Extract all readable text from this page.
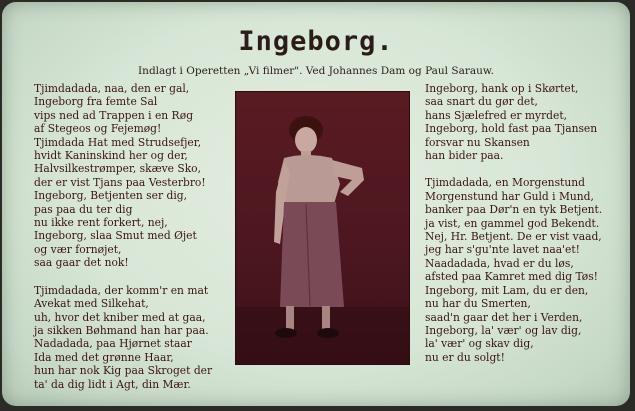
Ingeborg.
Indlagt i Operetten „Vi filmer". Ved Johannes Dam og Paul Sarauw.
Tjimdadada, naa, den er gal,
Ingeborg fra femte Sal
vips ned ad Trappen i en Røg
af Stegeos og Fejemøg!
Tjimdada Hat med Strudsefjer,
hvidt Kaninskind her og der,
Halvsilkestrømper, skæve Sko,
der er vist Tjans paa Vesterbro!
Ingeborg, Betjenten ser dig,
pas paa du ter dig
nu ikke rent forkert, nej,
Ingeborg, slaa Smut med Øjet
og vær fornøjet,
saa gaar det nok!
Tjimdadada, der komm'r en mat
Avekat med Silkehat,
uh, hvor det kniber med at gaa,
ja sikken Bøhmand han har paa.
Nadadada, paa Hjørnet staar
Ida med det grønne Haar,
hun har nok Kig paa Skroget der
ta' da dig lidt i Agt, din Mær.
Ingeborg, hank op i Skørtet,
saa snart du gør det,
hans Sjælefred er myrdet,
Ingeborg, hold fast paa Tjansen
forsvar nu Skansen
han bider paa.
Tjimdadada, en Morgenstund
Morgenstund har Guld i Mund,
banker paa Dør'n en tyk Betjent.
ja vist, en gammel god Bekendt.
Nej, Hr. Betjent. De er vist vaad,
jeg har s'gu'nte lavet naa'et!
Naadadada, hvad er du løs,
afsted paa Kamret med dig Tøs!
Ingeborg, mit Lam, du er den,
nu har du Smerten,
saad'n gaar det her i Verden,
Ingeborg, la' vær' og lav dig,
la' vær' og skav dig,
nu er du solgt!
